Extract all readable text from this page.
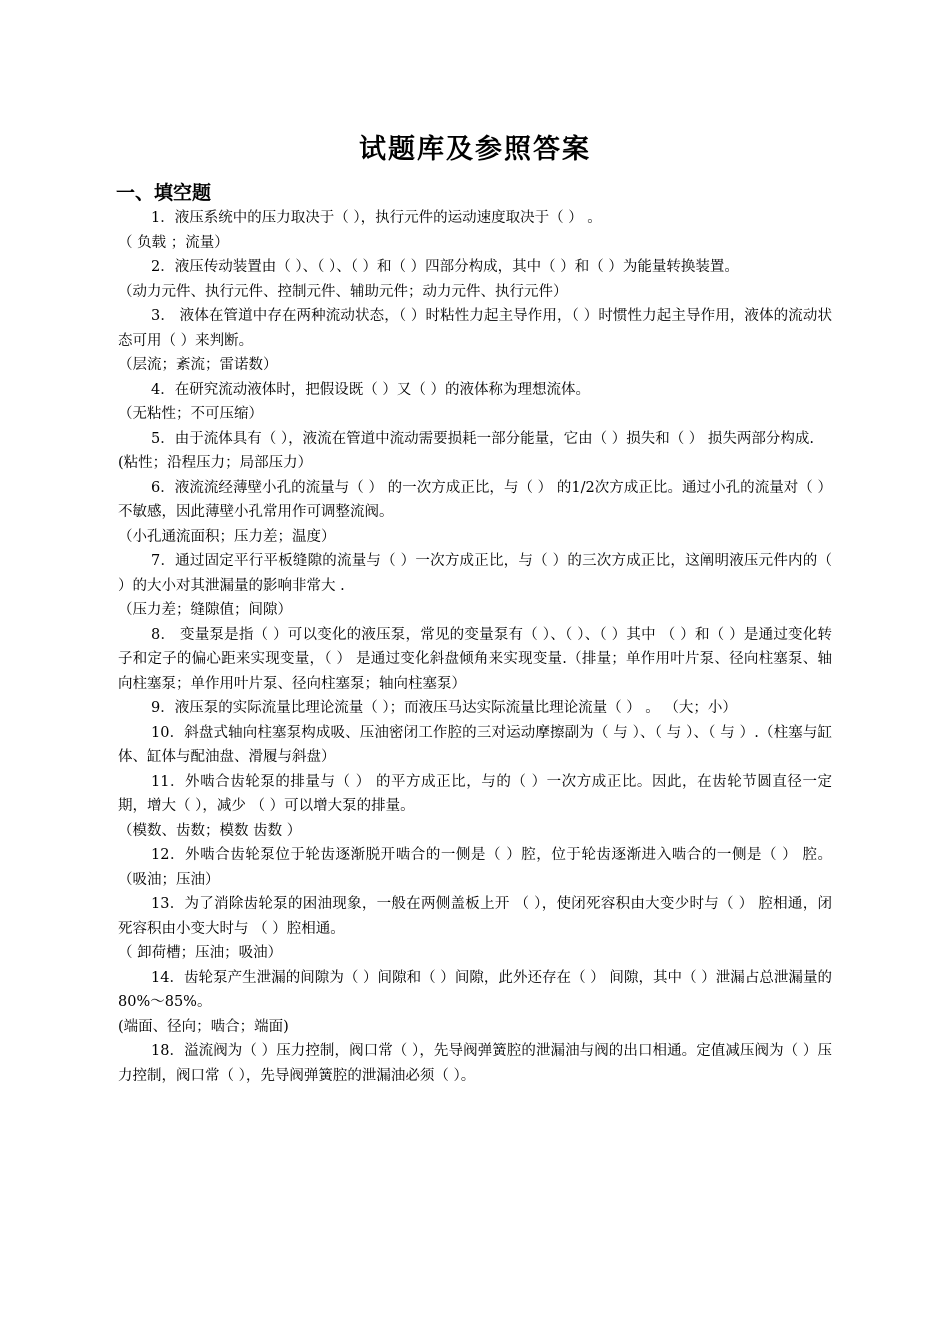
试题库及参照答案
一、填空题

1．液压系统中的压力取决于（ ），执行元件的运动速度取决于（ ） 。

（ 负载 ；流量）

2．液压传动装置由（ ）、（ ）、（ ）和（ ）四部分构成，其中（ ）和（ ）为能量转换装置。

（动力元件、执行元件、控制元件、辅助元件；动力元件、执行元件）

3． 液体在管道中存在两种流动状态，（ ）时粘性力起主导作用，（ ）时惯性力起主导作用，液体的流动状态可用（ ）来判断。

（层流；紊流；雷诺数）

4．在研究流动液体时，把假设既（ ）又（ ）的液体称为理想流体。

（无粘性；不可压缩）

5．由于流体具有（ ），液流在管道中流动需要损耗一部分能量，它由（ ）损失和（ ） 损失两部分构成.

(粘性；沿程压力；局部压力）

6．液流流经薄壁小孔的流量与（ ） 的一次方成正比，与（ ） 的1/2次方成正比。通过小孔的流量对（ ）不敏感，因此薄壁小孔常用作可调整流阀。

（小孔通流面积；压力差；温度）

7．通过固定平行平板缝隙的流量与（ ）一次方成正比，与（ ）的三次方成正比，这阐明液压元件内的（ ）的大小对其泄漏量的影响非常大 .

（压力差；缝隙值；间隙）

8． 变量泵是指（ ）可以变化的液压泵，常见的变量泵有（ ）、（ ）、（ ）其中 （ ）和（ ）是通过变化转子和定子的偏心距来实现变量，（ ） 是通过变化斜盘倾角来实现变量.（排量；单作用叶片泵、径向柱塞泵、轴向柱塞泵；单作用叶片泵、径向柱塞泵；轴向柱塞泵）

9．液压泵的实际流量比理论流量（ ）；而液压马达实际流量比理论流量（ ） 。 （大；小）

10．斜盘式轴向柱塞泵构成吸、压油密闭工作腔的三对运动摩擦副为（ 与 ）、（ 与 ）、（ 与 ）.（柱塞与缸体、缸体与配油盘、滑履与斜盘）

11．外啮合齿轮泵的排量与（ ） 的平方成正比，与的（ ）一次方成正比。因此，在齿轮节圆直径一定期，增大（ ），减少 （ ）可以增大泵的排量。

（模数、齿数；模数 齿数 ）

12．外啮合齿轮泵位于轮齿逐渐脱开啮合的一侧是（ ）腔，位于轮齿逐渐进入啮合的一侧是（ ） 腔。 （吸油；压油）

13．为了消除齿轮泵的困油现象，一般在两侧盖板上开 （ ），使闭死容积由大变少时与（ ） 腔相通，闭死容积由小变大时与 （ ）腔相通。

（ 卸荷槽；压油；吸油）

14．齿轮泵产生泄漏的间隙为（ ）间隙和（ ）间隙，此外还存在（ ） 间隙，其中（ ）泄漏占总泄漏量的80%～85%。

(端面、径向；啮合；端面)

18．溢流阀为（ ）压力控制，阀口常（ ），先导阀弹簧腔的泄漏油与阀的出口相通。定值减压阀为（ ）压力控制，阀口常（ ），先导阀弹簧腔的泄漏油必须（ ）。
